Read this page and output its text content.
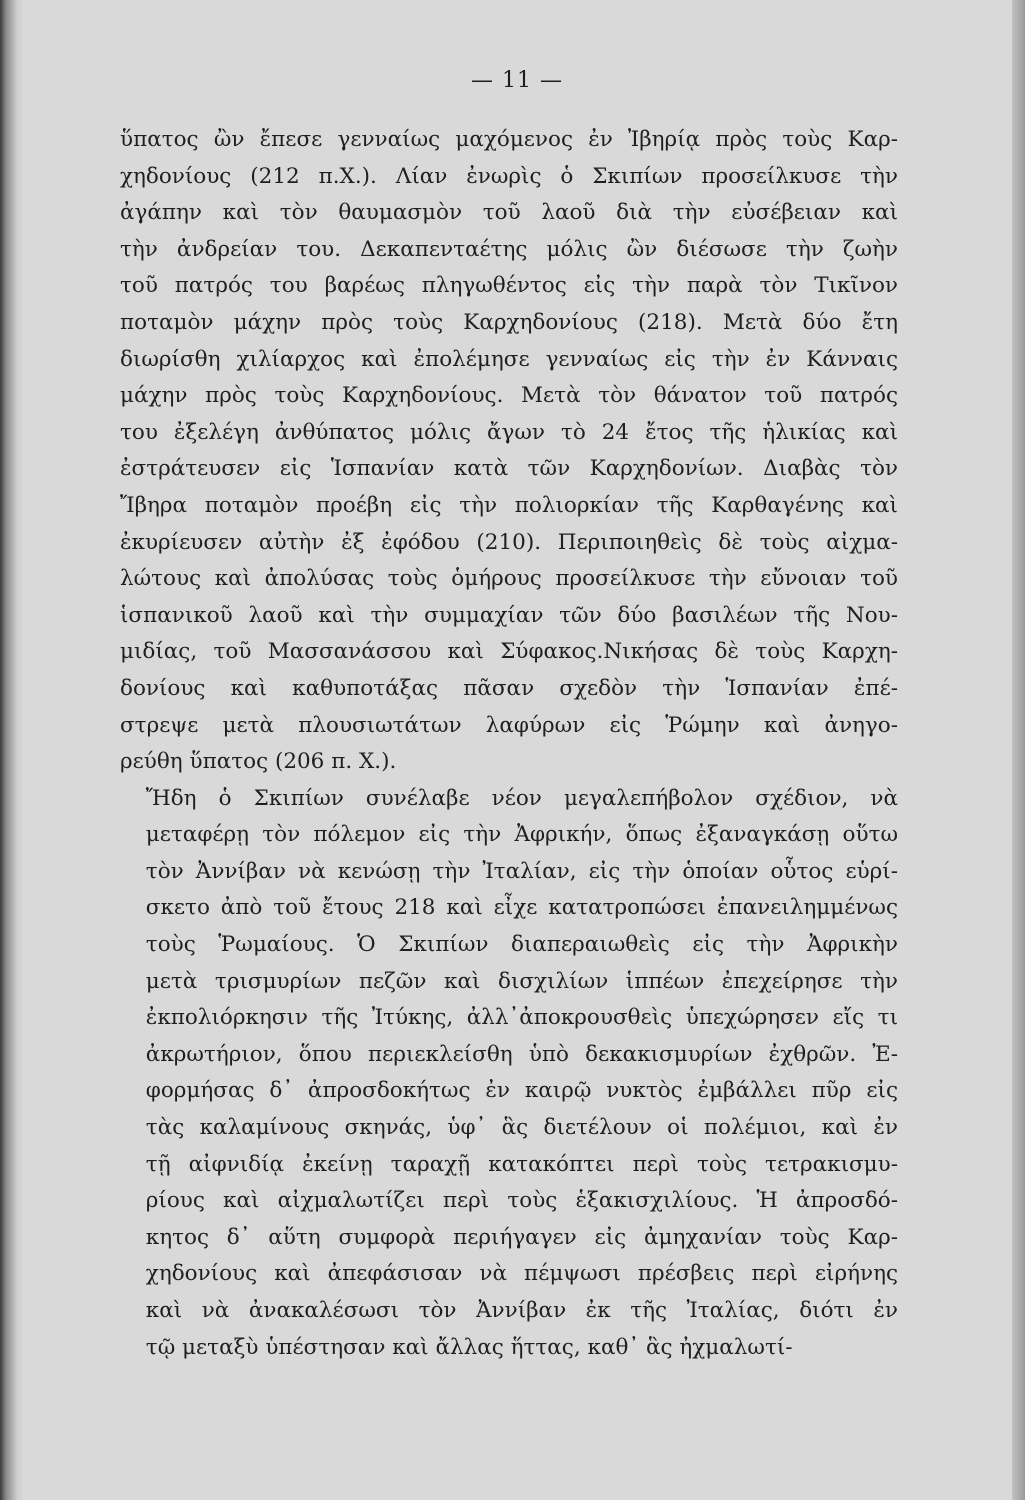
— 11 —
ὕπατος ὢν ἔπεσε γενναίως μαχόμενος ἐν Ἰβηρίᾳ πρὸς τοὺς Καρ-
χηδονίους (212 π.Χ.). Λίαν ἐνωρὶς ὁ Σκιπίων προσείλκυσε τὴν
ἀγάπην καὶ τὸν θαυμασμὸν τοῦ λαοῦ διὰ τὴν εὐσέβειαν καὶ
τὴν ἀνδρείαν του. Δεκαπενταέτης μόλις ὢν διέσωσε τὴν ζωὴν
τοῦ πατρός του βαρέως πληγωθέντος εἰς τὴν παρὰ τὸν Τικῖνον
ποταμὸν μάχην πρὸς τοὺς Καρχηδονίους (218). Μετὰ δύο ἔτη
διωρίσθη χιλίαρχος καὶ ἐπολέμησε γενναίως εἰς τὴν ἐν Κάνναις
μάχην πρὸς τοὺς Καρχηδονίους. Μετὰ τὸν θάνατον τοῦ πατρός
του ἐξελέγη ἀνθύπατος μόλις ἄγων τὸ 24 ἔτος τῆς ἡλικίας καὶ
ἐστράτευσεν εἰς Ἱσπανίαν κατὰ τῶν Καρχηδονίων. Διαβὰς τὸν
Ἴβηρα ποταμὸν προέβη εἰς τὴν πολιορκίαν τῆς Καρθαγένης καὶ
ἐκυρίευσεν αὐτὴν ἐξ ἐφόδου (210). Περιποιηθεὶς δὲ τοὺς αἰχμα-
λώτους καὶ ἀπολύσας τοὺς ὁμήρους προσείλκυσε τὴν εὔνοιαν τοῦ
ἱσπανικοῦ λαοῦ καὶ τὴν συμμαχίαν τῶν δύο βασιλέων τῆς Νου-
μιδίας, τοῦ Μασσανάσσου καὶ Σύφακος.Νικήσας δὲ τοὺς Καρχη-
δονίους καὶ καθυποτάξας πᾶσαν σχεδὸν τὴν Ἱσπανίαν ἐπέ-
στρεψε μετὰ πλουσιωτάτων λαφύρων εἰς Ῥώμην καὶ ἀνηγο-
ρεύθη ὕπατος (206 π. Χ.).
Ἤδη ὁ Σκιπίων συνέλαβε νέον μεγαλεπήβολον σχέδιον, νὰ
μεταφέρῃ τὸν πόλεμον εἰς τὴν Ἀφρικήν, ὅπως ἐξαναγκάσῃ οὕτω
τὸν Ἀννίβαν νὰ κενώσῃ τὴν Ἰταλίαν, εἰς τὴν ὁποίαν οὗτος εὑρί-
σκετο ἀπὸ τοῦ ἔτους 218 καὶ εἶχε κατατροπώσει ἐπανειλημμένως
τοὺς Ῥωμαίους. Ὁ Σκιπίων διαπεραιωθεὶς εἰς τὴν Ἀφρικὴν
μετὰ τρισμυρίων πεζῶν καὶ δισχιλίων ἱππέων ἐπεχείρησε τὴν
ἐκπολιόρκησιν τῆς Ἰτύκης, ἀλλ᾿ἀποκρουσθεὶς ὑπεχώρησεν εἴς τι
ἀκρωτήριον, ὅπου περιεκλείσθη ὑπὸ δεκακισμυρίων ἐχθρῶν. Ἐ-
φορμήσας δ᾿ ἀπροσδοκήτως ἐν καιρῷ νυκτὸς ἐμβάλλει πῦρ εἰς
τὰς καλαμίνους σκηνάς, ὑφ᾿ ἃς διετέλουν οἱ πολέμιοι, καὶ ἐν
τῇ αἰφνιδίᾳ ἐκείνῃ ταραχῇ κατακόπτει περὶ τοὺς τετρακισμυ-
ρίους καὶ αἰχμαλωτίζει περὶ τοὺς ἑξακισχιλίους. Ἡ ἀπροσδό-
κητος δ᾿ αὕτη συμφορὰ περιήγαγεν εἰς ἀμηχανίαν τοὺς Καρ-
χηδονίους καὶ ἀπεφάσισαν νὰ πέμψωσι πρέσβεις περὶ εἰρήνης
καὶ νὰ ἀνακαλέσωσι τὸν Ἀννίβαν ἐκ τῆς Ἰταλίας, διότι ἐν
τῷ μεταξὺ ὑπέστησαν καὶ ἄλλας ἥττας, καθ᾿ ἃς ἠχμαλωτί-
